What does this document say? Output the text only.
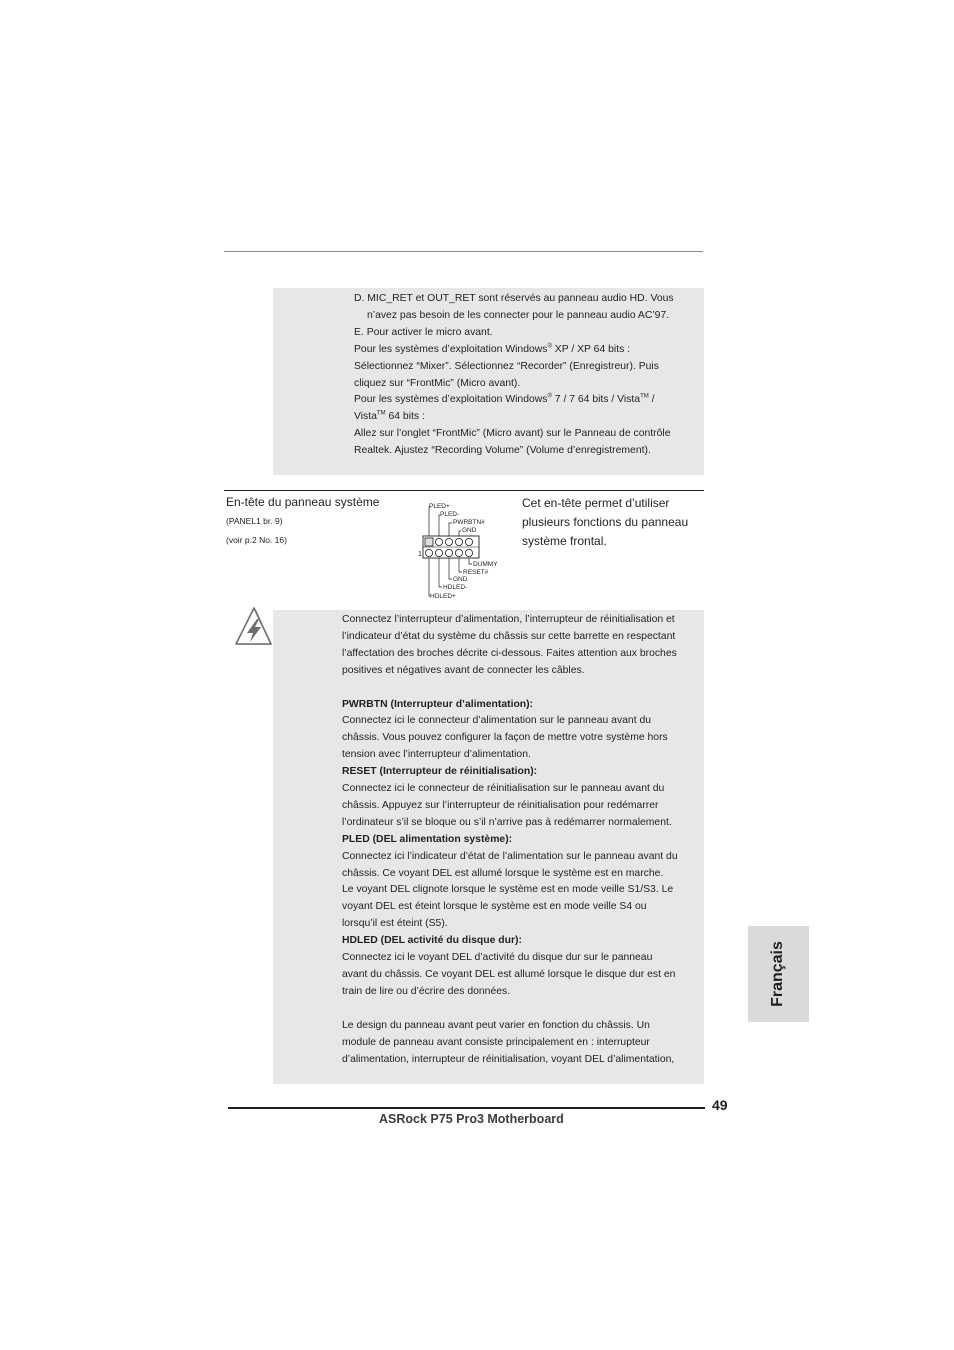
D. MIC_RET et OUT_RET sont réservés au panneau audio HD. Vous

n’avez pas besoin de les connecter pour le panneau audio AC’97.

E. Pour activer le micro avant.

Pour les systèmes d’exploitation Windows® XP / XP 64 bits :

Sélectionnez “Mixer”. Sélectionnez “Recorder” (Enregistreur). Puis

cliquez sur “FrontMic” (Micro avant).

Pour les systèmes d’exploitation Windows® 7 / 7 64 bits / Vista™ /

Vista™ 64 bits :

Allez sur l’onglet “FrontMic” (Micro avant) sur le Panneau de contrôle

Realtek. Ajustez “Recording Volume” (Volume d’enregistrement).

En-tête du panneau système
(PANEL1 br. 9)
(voir p.2 No. 16)
Cet en-tête permet d’utiliser plusieurs fonctions du panneau système frontal.
PLED+
PLED-
PWRBTN#
GND
1
DUMMY
RESET#
GND
HDLED-
HDLED+

Connectez l’interrupteur d’alimentation, l’interrupteur de réinitialisation et

l’indicateur d’état du système du châssis sur cette barrette en respectant

l’affectation des broches décrite ci-dessous. Faites attention aux broches

positives et négatives avant de connecter les câbles.

PWRBTN (Interrupteur d’alimentation):

Connectez ici le connecteur d’alimentation sur le panneau avant du

châssis. Vous pouvez configurer la façon de mettre votre système hors

tension avec l’interrupteur d’alimentation.

RESET (Interrupteur de réinitialisation):

Connectez ici le connecteur de réinitialisation sur le panneau avant du

châssis. Appuyez sur l’interrupteur de réinitialisation pour redémarrer

l’ordinateur s’il se bloque ou s’il n’arrive pas à redémarrer normalement.

PLED (DEL alimentation système):

Connectez ici l’indicateur d’état de l’alimentation sur le panneau avant du

châssis. Ce voyant DEL est allumé lorsque le système est en marche.

Le voyant DEL clignote lorsque le système est en mode veille S1/S3. Le

voyant DEL est éteint lorsque le système est en mode veille S4 ou

lorsqu’il est éteint (S5).

HDLED (DEL activité du disque dur):

Connectez ici le voyant DEL d’activité du disque dur sur le panneau

avant du châssis. Ce voyant DEL est allumé lorsque le disque dur est en

train de lire ou d’écrire des données.

Le design du panneau avant peut varier en fonction du châssis. Un

module de panneau avant consiste principalement en : interrupteur

d’alimentation, interrupteur de réinitialisation, voyant DEL d’alimentation,

Français
49
ASRock P75 Pro3 Motherboard
